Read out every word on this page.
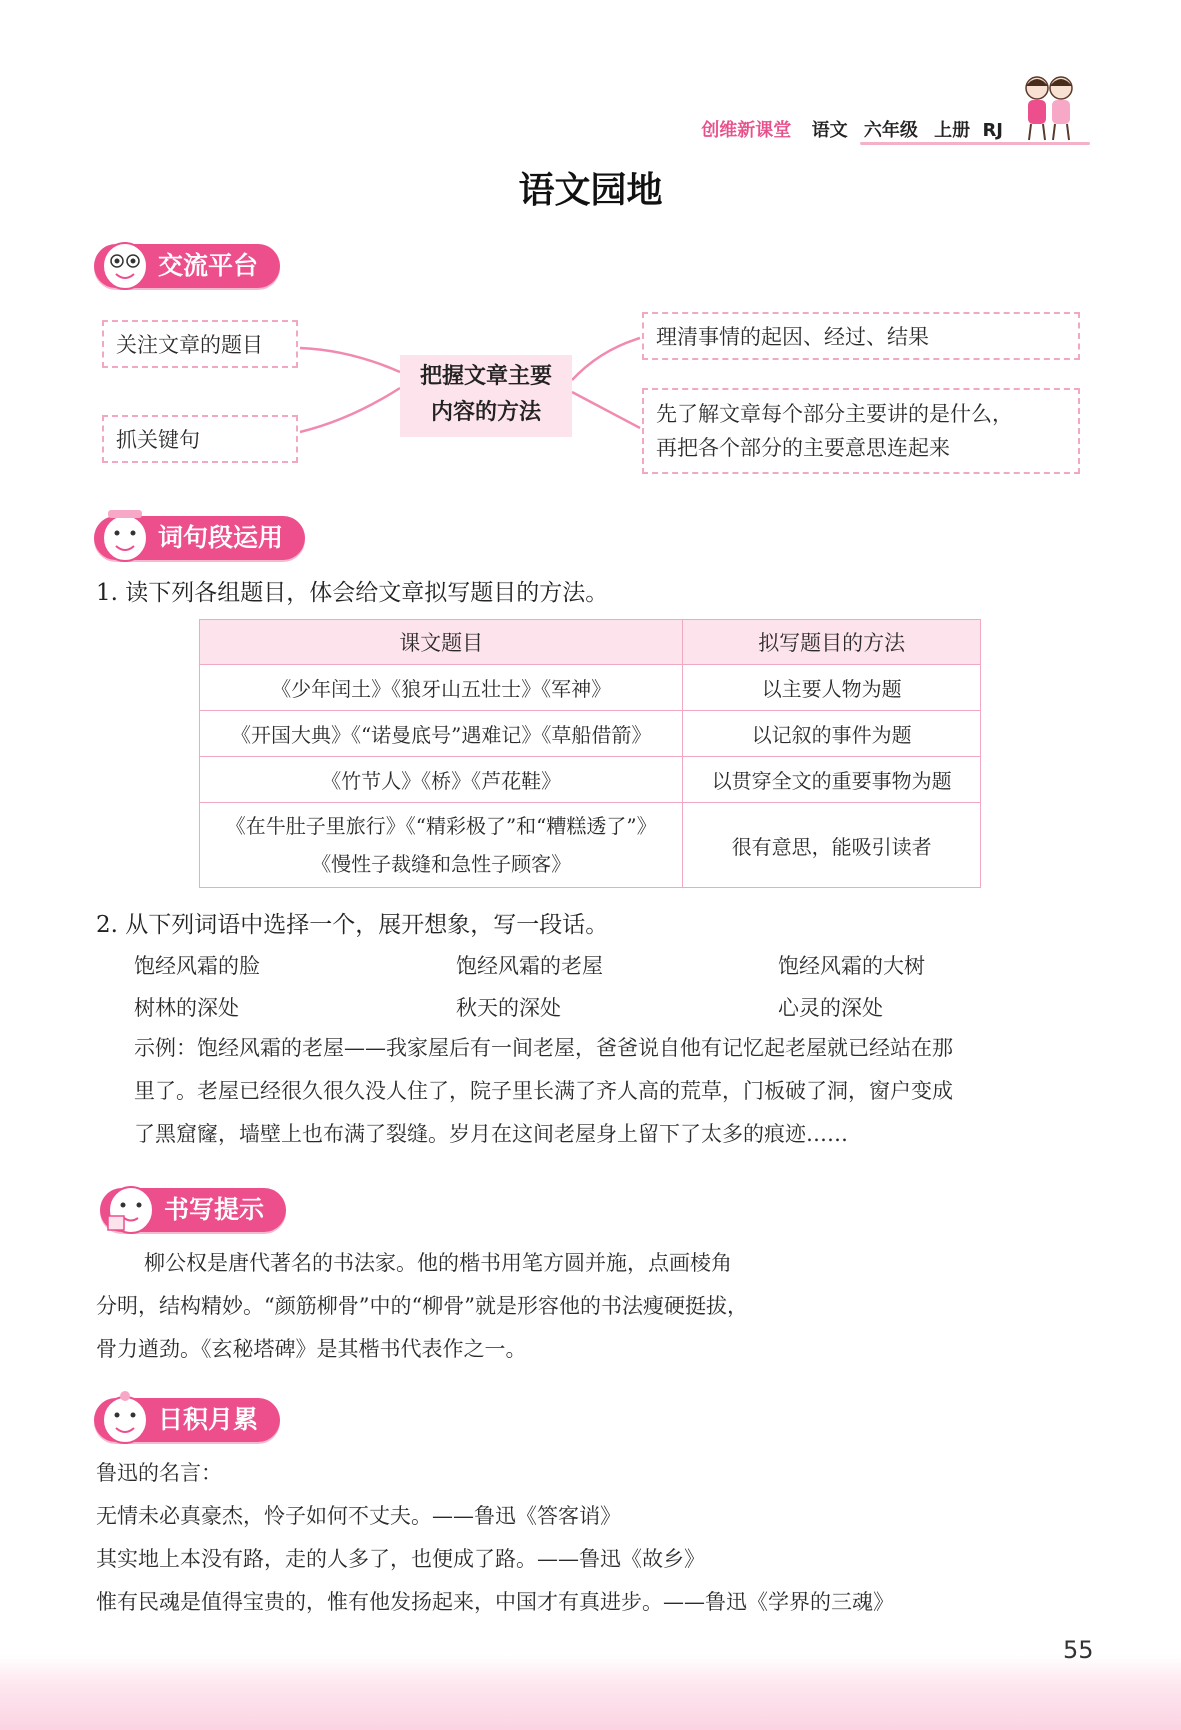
创维新课堂 语文 六年级 上册 RJ
语文园地
交流平台
关注文章的题目
抓关键句
把握文章主要
内容的方法
理清事情的起因、经过、结果
先了解文章每个部分主要讲的是什么，
再把各个部分的主要意思连起来
词句段运用
1. 读下列各组题目，体会给文章拟写题目的方法。
课文题目	拟写题目的方法
《少年闰土》《狼牙山五壮士》《军神》	以主要人物为题
《开国大典》《“诺曼底号”遇难记》《草船借箭》	以记叙的事件为题
《竹节人》《桥》《芦花鞋》	以贯穿全文的重要事物为题

《在牛肚子里旅行》《“精彩极了”和“糟糕透了”》
《慢性子裁缝和急性子顾客》	很有意思，能吸引读者
2. 从下列词语中选择一个，展开想象，写一段话。
饱经风霜的脸	饱经风霜的老屋	饱经风霜的大树
树林的深处	秋天的深处	心灵的深处
示例：饱经风霜的老屋——我家屋后有一间老屋，爸爸说自他有记忆起老屋就已经站在那
里了。老屋已经很久很久没人住了，院子里长满了齐人高的荒草，门板破了洞，窗户变成
了黑窟窿，墙壁上也布满了裂缝。岁月在这间老屋身上留下了太多的痕迹……
书写提示
柳公权是唐代著名的书法家。他的楷书用笔方圆并施，点画棱角
分明，结构精妙。“颜筋柳骨”中的“柳骨”就是形容他的书法瘦硬挺拔，
骨力遒劲。《玄秘塔碑》是其楷书代表作之一。
日积月累
鲁迅的名言：
无情未必真豪杰，怜子如何不丈夫。——鲁迅《答客诮》
其实地上本没有路，走的人多了，也便成了路。——鲁迅《故乡》
惟有民魂是值得宝贵的，惟有他发扬起来，中国才有真进步。——鲁迅《学界的三魂》
55
